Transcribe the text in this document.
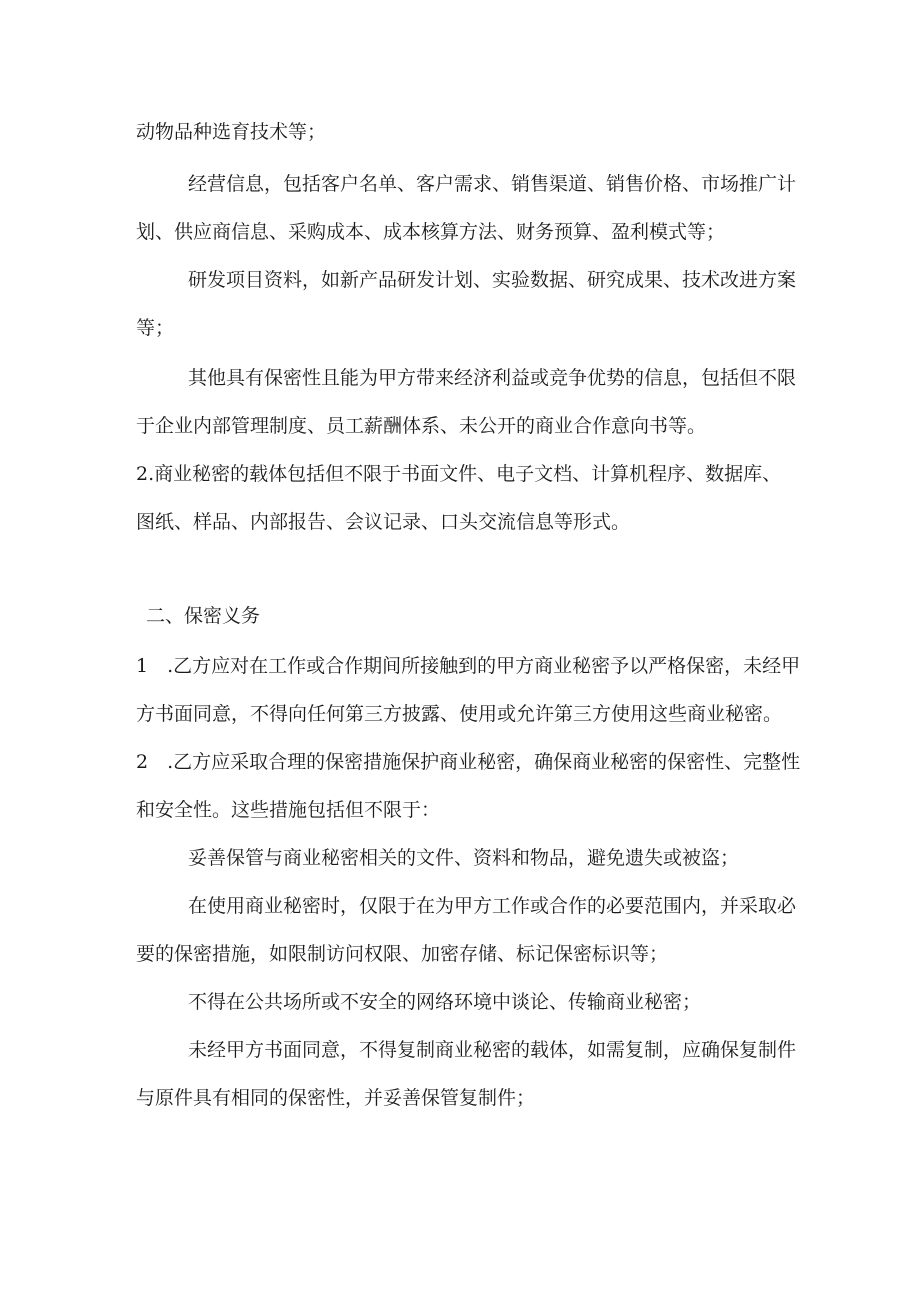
动物品种选育技术等；

经营信息，包括客户名单、客户需求、销售渠道、销售价格、市场推广计

划、供应商信息、采购成本、成本核算方法、财务预算、盈利模式等；

研发项目资料，如新产品研发计划、实验数据、研究成果、技术改进方案

等；

其他具有保密性且能为甲方带来经济利益或竞争优势的信息，包括但不限

于企业内部管理制度、员工薪酬体系、未公开的商业合作意向书等。

2.商业秘密的载体包括但不限于书面文件、电子文档、计算机程序、数据库、

图纸、样品、内部报告、会议记录、口头交流信息等形式。

二、保密义务

1　.乙方应对在工作或合作期间所接触到的甲方商业秘密予以严格保密，未经甲

方书面同意，不得向任何第三方披露、使用或允许第三方使用这些商业秘密。

2　.乙方应采取合理的保密措施保护商业秘密，确保商业秘密的保密性、完整性

和安全性。这些措施包括但不限于：

妥善保管与商业秘密相关的文件、资料和物品，避免遗失或被盗；

在使用商业秘密时，仅限于在为甲方工作或合作的必要范围内，并采取必

要的保密措施，如限制访问权限、加密存储、标记保密标识等；

不得在公共场所或不安全的网络环境中谈论、传输商业秘密；

未经甲方书面同意，不得复制商业秘密的载体，如需复制，应确保复制件

与原件具有相同的保密性，并妥善保管复制件；
